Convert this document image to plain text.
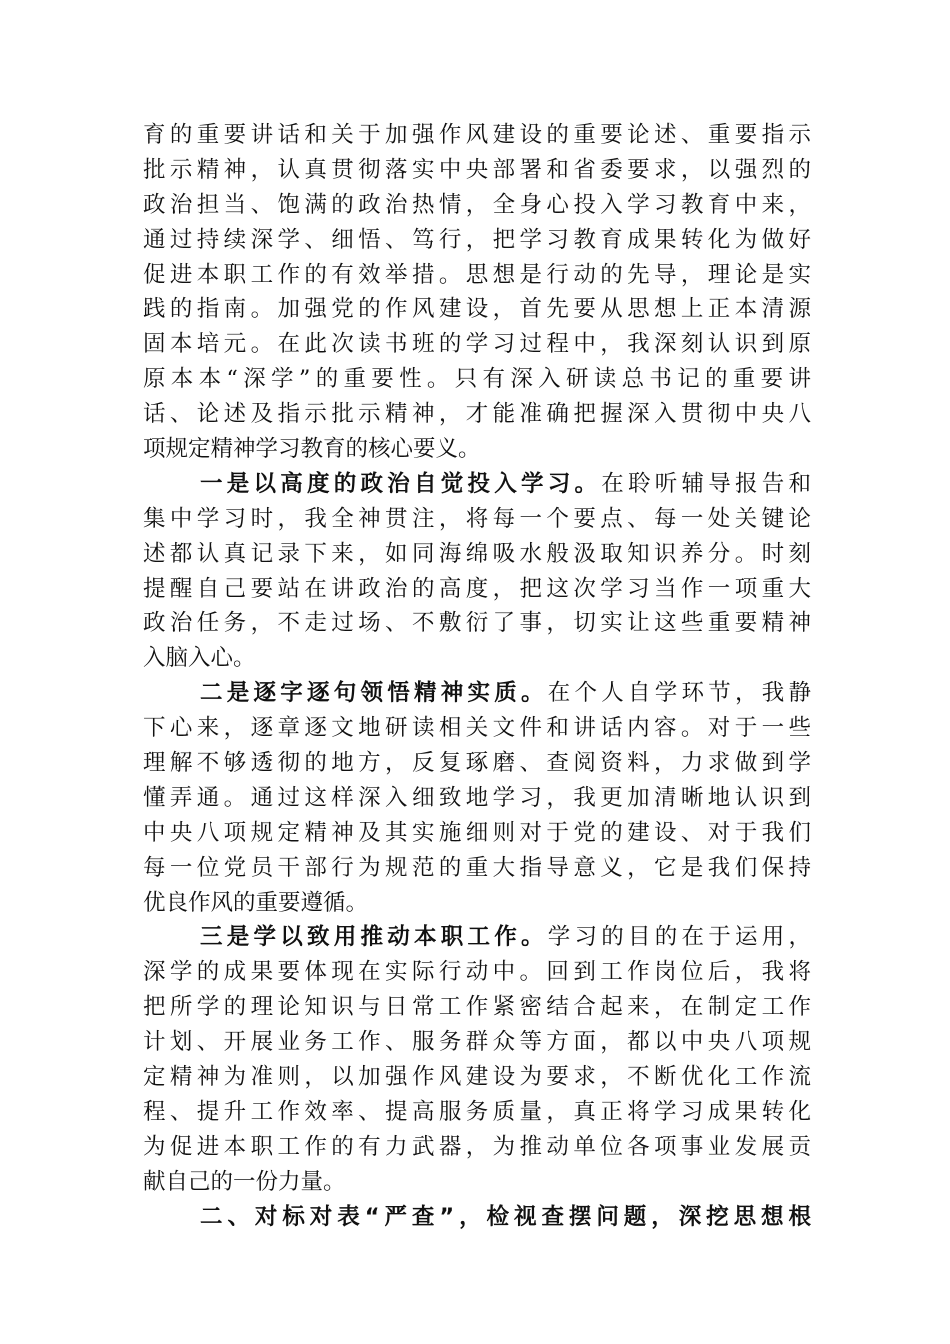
育的重要讲话和关于加强作风建设的重要论述、重要指示
批示精神，认真贯彻落实中央部署和省委要求，以强烈的
政治担当、饱满的政治热情，全身心投入学习教育中来，
通过持续深学、细悟、笃行，把学习教育成果转化为做好
促进本职工作的有效举措。思想是行动的先导，理论是实
践的指南。加强党的作风建设，首先要从思想上正本清源
固本培元。在此次读书班的学习过程中，我深刻认识到原
原本本“深学”的重要性。只有深入研读总书记的重要讲
话、论述及指示批示精神，才能准确把握深入贯彻中央八
项规定精神学习教育的核心要义。
一是以高度的政治自觉投入学习。在聆听辅导报告和
集中学习时，我全神贯注，将每一个要点、每一处关键论
述都认真记录下来，如同海绵吸水般汲取知识养分。时刻
提醒自己要站在讲政治的高度，把这次学习当作一项重大
政治任务，不走过场、不敷衍了事，切实让这些重要精神
入脑入心。
二是逐字逐句领悟精神实质。在个人自学环节，我静
下心来，逐章逐文地研读相关文件和讲话内容。对于一些
理解不够透彻的地方，反复琢磨、查阅资料，力求做到学
懂弄通。通过这样深入细致地学习，我更加清晰地认识到
中央八项规定精神及其实施细则对于党的建设、对于我们
每一位党员干部行为规范的重大指导意义，它是我们保持
优良作风的重要遵循。
三是学以致用推动本职工作。学习的目的在于运用，
深学的成果要体现在实际行动中。回到工作岗位后，我将
把所学的理论知识与日常工作紧密结合起来，在制定工作
计划、开展业务工作、服务群众等方面，都以中央八项规
定精神为准则，以加强作风建设为要求，不断优化工作流
程、提升工作效率、提高服务质量，真正将学习成果转化
为促进本职工作的有力武器，为推动单位各项事业发展贡
献自己的一份力量。
二、对标对表“严查”，检视查摆问题，深挖思想根
